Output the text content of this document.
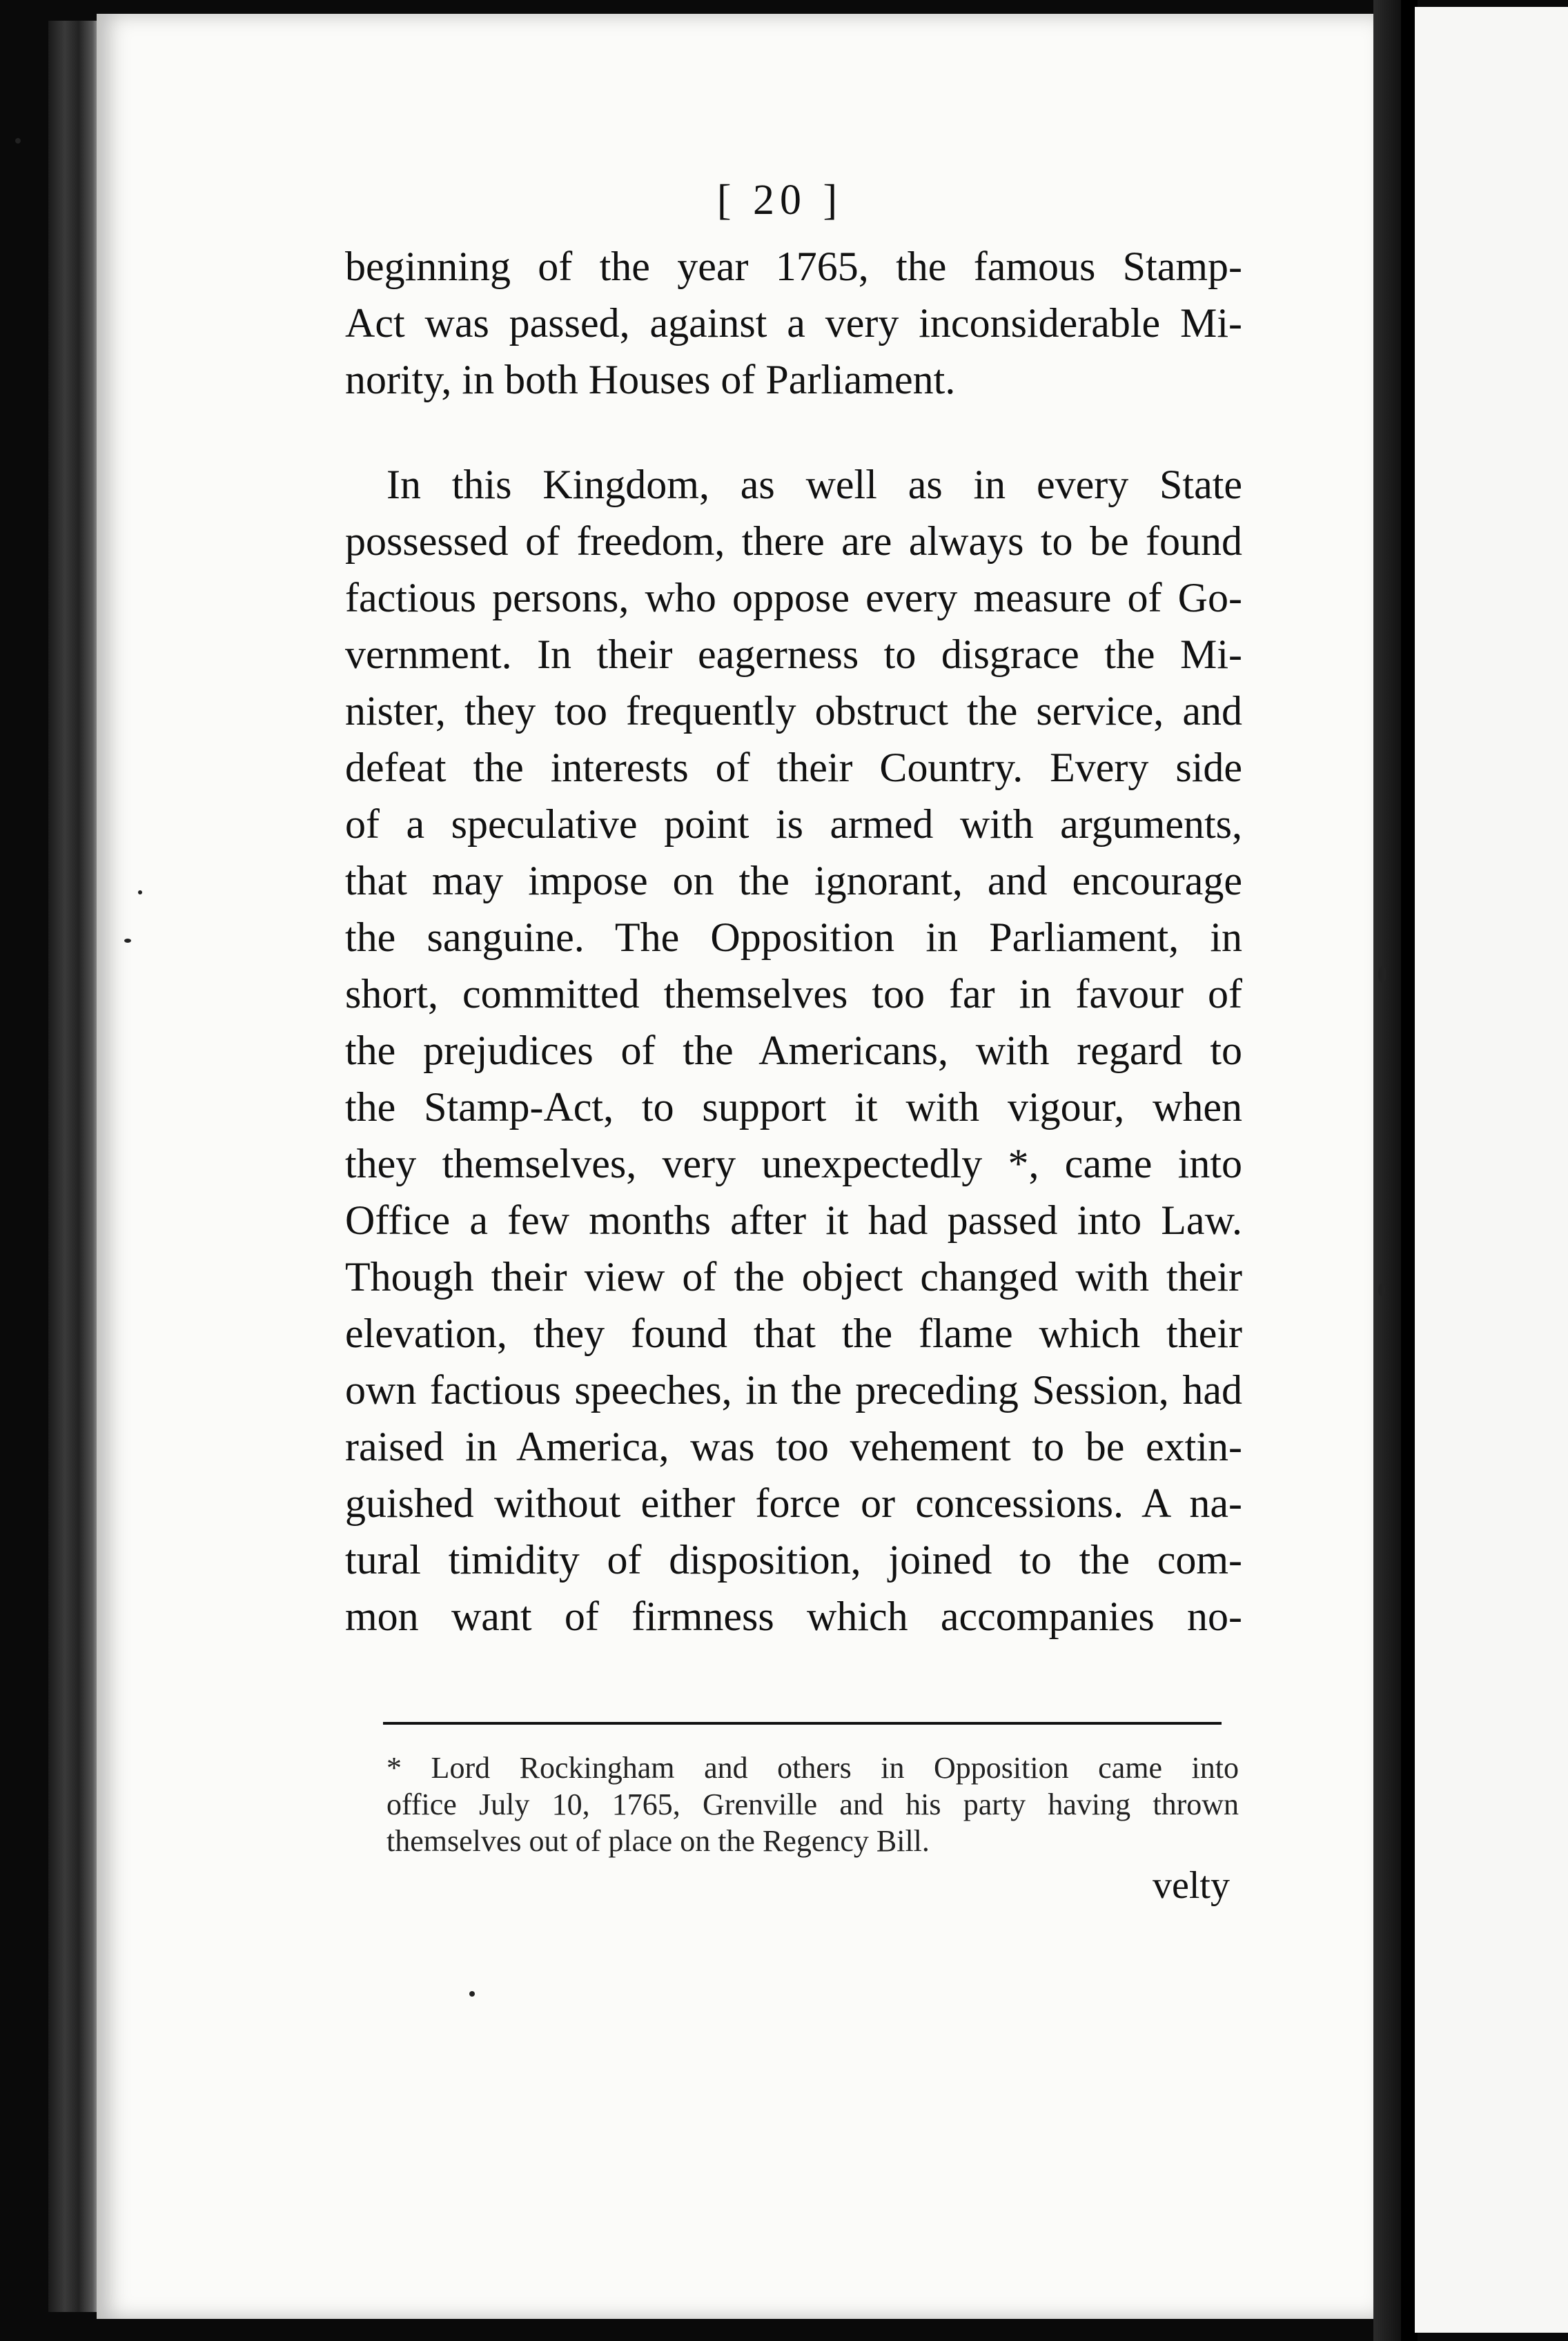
[ 20 ]
beginning of the year 1765, the famous Stamp-
Act was passed, against a very inconsiderable Mi-
nority, in both Houses of Parliament.
In this Kingdom, as well as in every State
possessed of freedom, there are always to be found
factious persons, who oppose every measure of Go-
vernment. In their eagerness to disgrace the Mi-
nister, they too frequently obstruct the service, and
defeat the interests of their Country. Every side
of a speculative point is armed with arguments,
that may impose on the ignorant, and encourage
the sanguine. The Opposition in Parliament, in
short, committed themselves too far in favour of
the prejudices of the Americans, with regard to
the Stamp-Act, to support it with vigour, when
they themselves, very unexpectedly *, came into
Office a few months after it had passed into Law.
Though their view of the object changed with their
elevation, they found that the flame which their
own factious speeches, in the preceding Session, had
raised in America, was too vehement to be extin-
guished without either force or concessions. A na-
tural timidity of disposition, joined to the com-
mon want of firmness which accompanies no-
* Lord Rockingham and others in Opposition came into
office July 10, 1765, Grenville and his party having thrown
themselves out of place on the Regency Bill.
velty
